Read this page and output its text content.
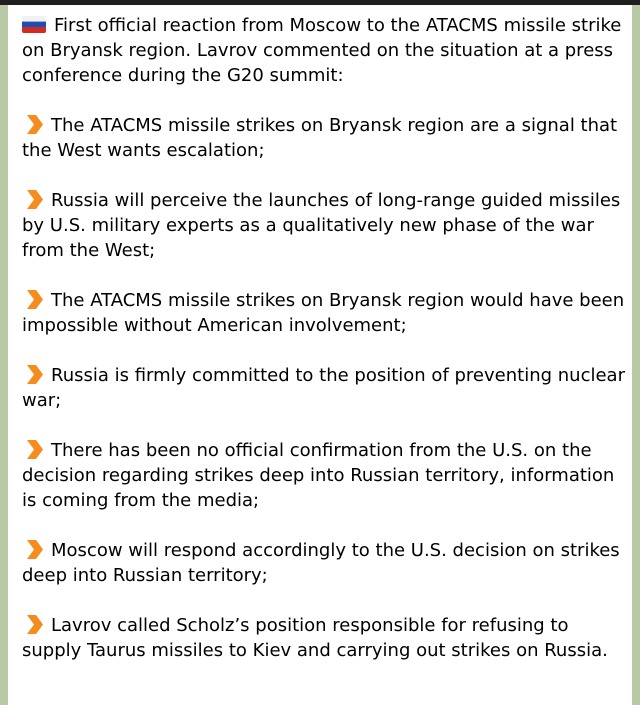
First official reaction from Moscow to the ATACMS missile strike on Bryansk region. Lavrov commented on the situation at a press conference during the G20 summit:

The ATACMS missile strikes on Bryansk region are a signal that the West wants escalation;

Russia will perceive the launches of long-range guided missiles by U.S. military experts as a qualitatively new phase of the war from the West;

The ATACMS missile strikes on Bryansk region would have been impossible without American involvement;

Russia is firmly committed to the position of preventing nuclear war;

There has been no official confirmation from the U.S. on the decision regarding strikes deep into Russian territory, information is coming from the media;

Moscow will respond accordingly to the U.S. decision on strikes deep into Russian territory;

Lavrov called Scholz’s position responsible for refusing to supply Taurus missiles to Kiev and carrying out strikes on Russia.
